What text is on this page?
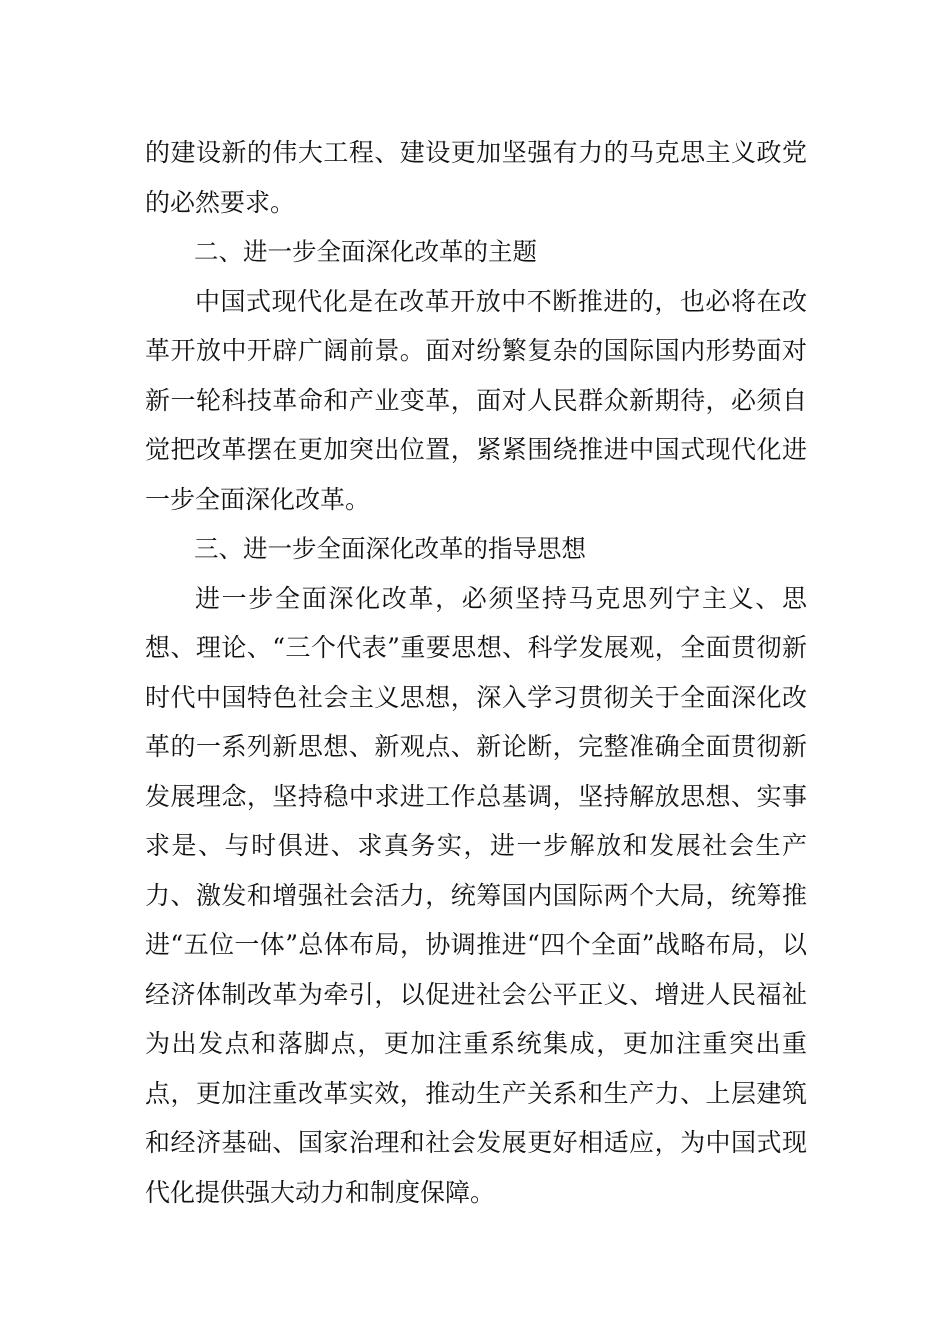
的建设新的伟大工程、建设更加坚强有力的马克思主义政党的必然要求。

二、进一步全面深化改革的主题

中国式现代化是在改革开放中不断推进的，也必将在改革开放中开辟广阔前景。面对纷繁复杂的国际国内形势面对新一轮科技革命和产业变革，面对人民群众新期待，必须自觉把改革摆在更加突出位置，紧紧围绕推进中国式现代化进一步全面深化改革。

三、进一步全面深化改革的指导思想

进一步全面深化改革，必须坚持马克思列宁主义、思想、理论、“三个代表”重要思想、科学发展观，全面贯彻新时代中国特色社会主义思想，深入学习贯彻关于全面深化改革的一系列新思想、新观点、新论断，完整准确全面贯彻新发展理念，坚持稳中求进工作总基调，坚持解放思想、实事求是、与时俱进、求真务实，进一步解放和发展社会生产力、激发和增强社会活力，统筹国内国际两个大局，统筹推进“五位一体”总体布局，协调推进“四个全面”战略布局，以经济体制改革为牵引，以促进社会公平正义、增进人民福祉为出发点和落脚点，更加注重系统集成，更加注重突出重点，更加注重改革实效，推动生产关系和生产力、上层建筑和经济基础、国家治理和社会发展更好相适应，为中国式现代化提供强大动力和制度保障。
